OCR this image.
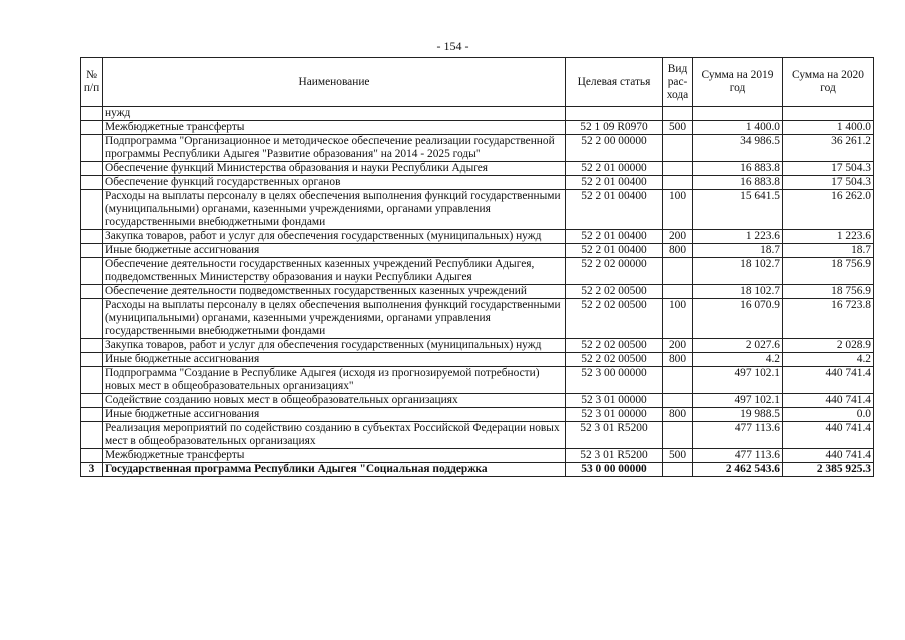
- 154 -
№ п/п	Наименование	Целевая статья	Вид рас- хода	Сумма на 2019 год	Сумма на 2020 год
	нужд				
	Межбюджетные трансферты	52 1 09 R0970	500	1 400.0	1 400.0
	Подпрограмма "Организационное и методическое обеспечение реализации государственной программы Республики Адыгея "Развитие образования" на 2014 - 2025 годы"	52 2 00 00000		34 986.5	36 261.2
	Обеспечение функций Министерства образования и науки Республики Адыгея	52 2 01 00000		16 883.8	17 504.3
	Обеспечение функций государственных органов	52 2 01 00400		16 883.8	17 504.3
	Расходы на выплаты персоналу в целях обеспечения выполнения функций государственными (муниципальными) органами, казенными учреждениями, органами управления государственными внебюджетными фондами	52 2 01 00400	100	15 641.5	16 262.0
	Закупка товаров, работ и услуг для обеспечения государственных (муниципальных) нужд	52 2 01 00400	200	1 223.6	1 223.6
	Иные бюджетные ассигнования	52 2 01 00400	800	18.7	18.7
	Обеспечение деятельности государственных казенных учреждений Республики Адыгея, подведомственных Министерству образования и науки Республики Адыгея	52 2 02 00000		18 102.7	18 756.9
	Обеспечение деятельности подведомственных государственных казенных учреждений	52 2 02 00500		18 102.7	18 756.9
	Расходы на выплаты персоналу в целях обеспечения выполнения функций государственными (муниципальными) органами, казенными учреждениями, органами управления государственными внебюджетными фондами	52 2 02 00500	100	16 070.9	16 723.8
	Закупка товаров, работ и услуг для обеспечения государственных (муниципальных) нужд	52 2 02 00500	200	2 027.6	2 028.9
	Иные бюджетные ассигнования	52 2 02 00500	800	4.2	4.2
	Подпрограмма "Создание в Республике Адыгея (исходя из прогнозируемой потребности) новых мест в общеобразовательных организациях"	52 3 00 00000		497 102.1	440 741.4
	Содействие созданию новых мест в общеобразовательных организациях	52 3 01 00000		497 102.1	440 741.4
	Иные бюджетные ассигнования	52 3 01 00000	800	19 988.5	0.0
	Реализация мероприятий по содействию созданию в субъектах Российской Федерации новых мест в общеобразовательных организациях	52 3 01 R5200		477 113.6	440 741.4
	Межбюджетные трансферты	52 3 01 R5200	500	477 113.6	440 741.4
3	Государственная программа Республики Адыгея "Социальная поддержка	53 0 00 00000		2 462 543.6	2 385 925.3
